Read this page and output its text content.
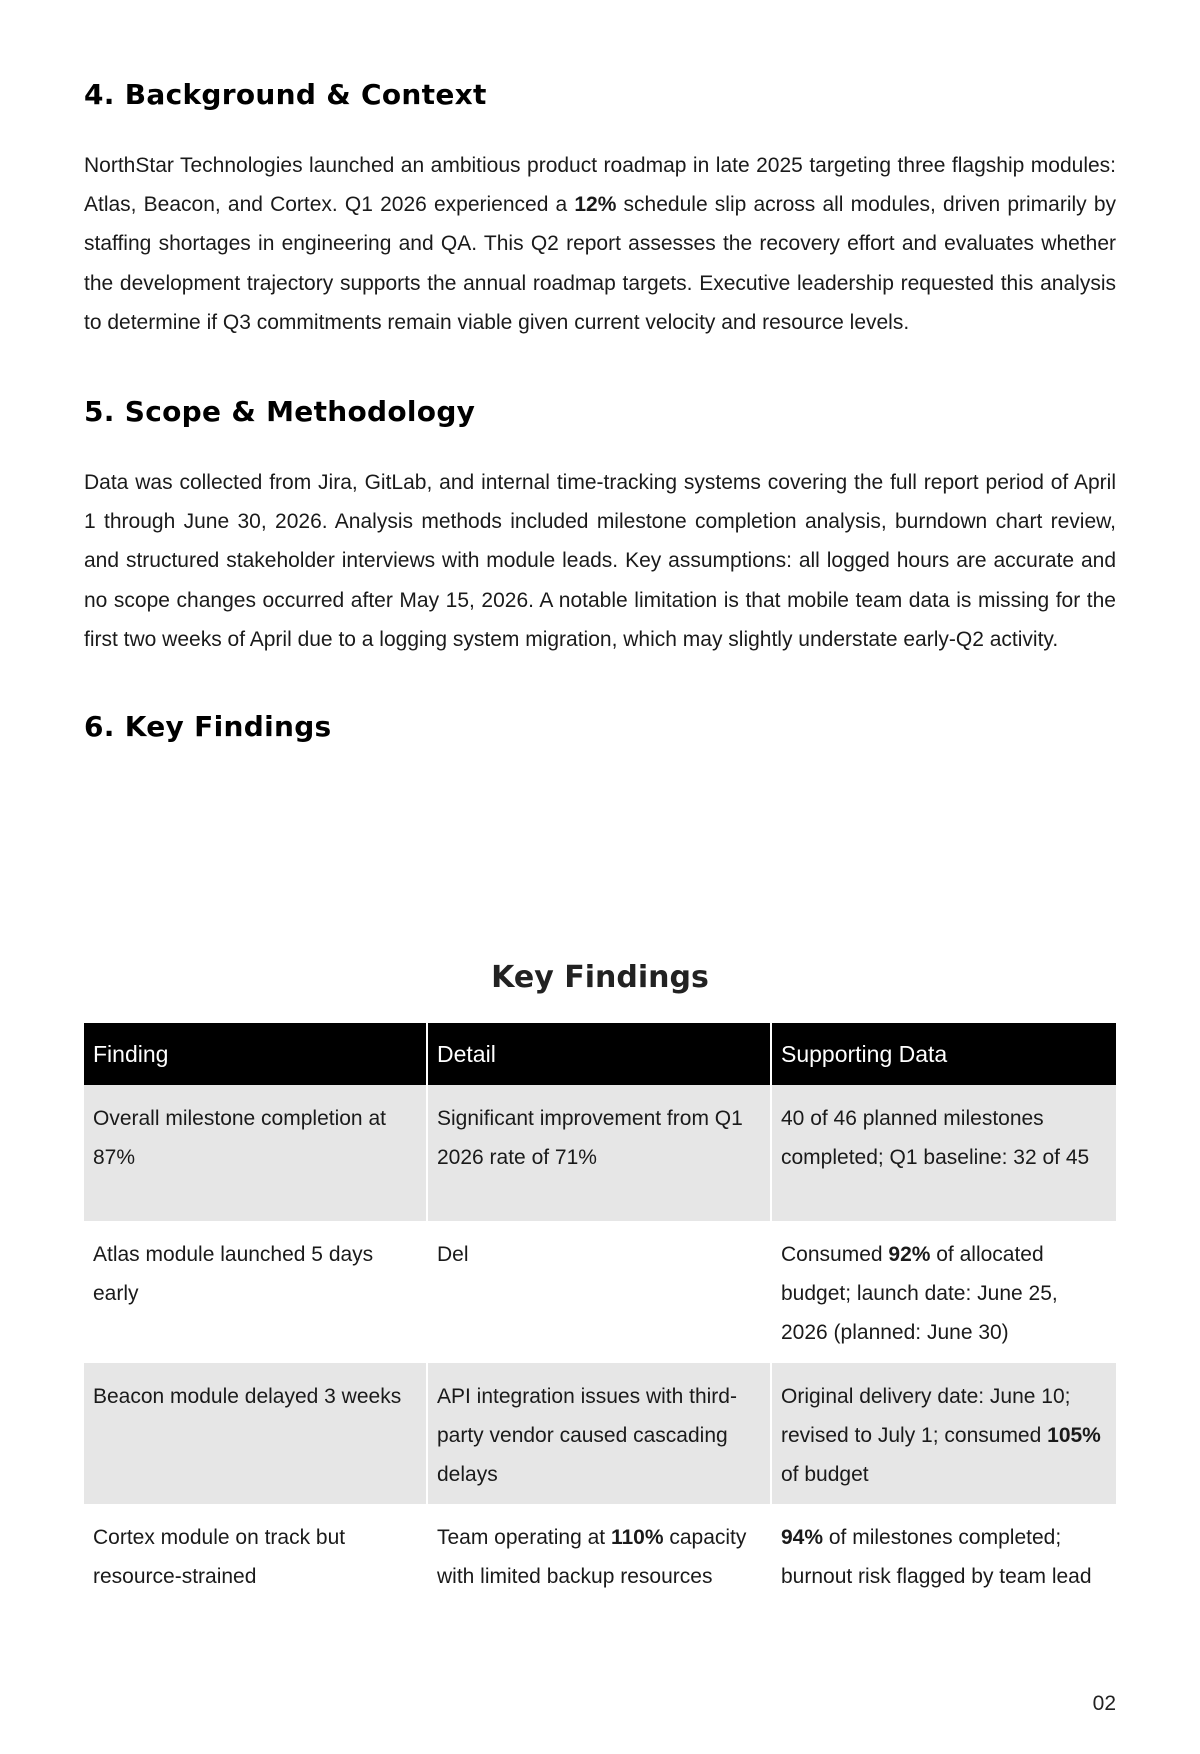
4. Background & Context

NorthStar Technologies launched an ambitious product roadmap in late 2025 targeting three flagship modules: Atlas, Beacon, and Cortex. Q1 2026 experienced a 12% schedule slip across all modules, driven primarily by staffing shortages in engineering and QA. This Q2 report assesses the recovery effort and evaluates whether the development trajectory supports the annual roadmap targets. Executive leadership requested this analysis to determine if Q3 commitments remain viable given current velocity and resource levels.

5. Scope & Methodology

Data was collected from Jira, GitLab, and internal time-tracking systems covering the full report period of April 1 through June 30, 2026. Analysis methods included milestone completion analysis, burndown chart review, and structured stakeholder interviews with module leads. Key assumptions: all logged hours are accurate and no scope changes occurred after May 15, 2026. A notable limitation is that mobile team data is missing for the first two weeks of April due to a logging system migration, which may slightly understate early-Q2 activity.

6. Key Findings
Key Findings
Finding	Detail	Supporting Data
Overall milestone completion at 87%	Significant improvement from Q1 2026 rate of 71%	40 of 46 planned milestones completed; Q1 baseline: 32 of 45
Atlas module launched 5 days early	Del	Consumed 92% of allocated budget; launch date: June 25, 2026 (planned: June 30)
Beacon module delayed 3 weeks	API integration issues with third-party vendor caused cascading delays	Original delivery date: June 10; revised to July 1; consumed 105% of budget
Cortex module on track but resource-strained	Team operating at 110% capacity with limited backup resources	94% of milestones completed; burnout risk flagged by team lead
02
